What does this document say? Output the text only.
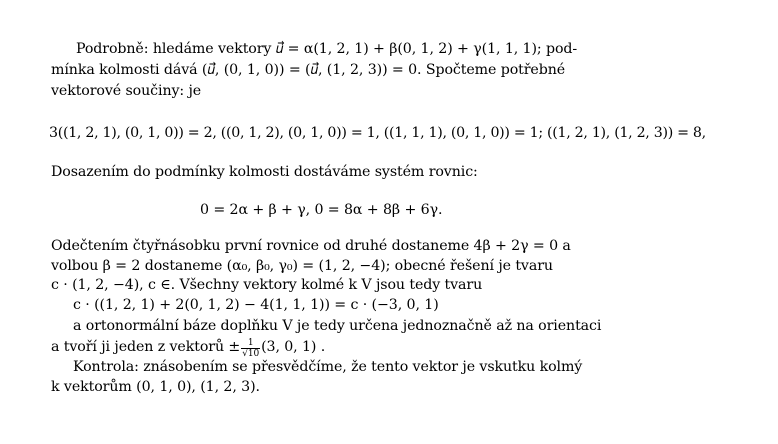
Podrobně: hledáme vektory 𝑢⃗ = α(1, 2, 1) + β(0, 1, 2) + γ(1, 1, 1); pod-
mínka kolmosti dává (𝑢⃗, (0, 1, 0)) = (𝑢⃗, (1, 2, 3)) = 0. Spočteme potřebné
vektorové součiny: je
3((1, 2, 1), (0, 1, 0)) = 2, ((0, 1, 2), (0, 1, 0)) = 1, ((1, 1, 1), (0, 1, 0)) = 1; ((1, 2, 1), (1, 2, 3)) = 8,
Dosazením do podmínky kolmosti dostáváme systém rovnic:
0 = 2α + β + γ, 0 = 8α + 8β + 6γ.
Odečtením čtyřnásobku první rovnice od druhé dostaneme 4β + 2γ = 0 a
volbou β = 2 dostaneme (α₀, β₀, γ₀) = (1, 2, −4); obecné řešení je tvaru
c · (1, 2, −4), c ∈. Všechny vektory kolmé k V jsou tedy tvaru
c · ((1, 2, 1) + 2(0, 1, 2) − 4(1, 1, 1)) = c · (−3, 0, 1)
a ortonormální báze doplňku V je tedy určena jednoznačně až na orientaci
a tvoří ji jeden z vektorů ± $\frac{1}{√10} (3$, 0, 1) .
Kontrola: znásobením se přesvědčíme, že tento vektor je vskutku kolmý
k vektorům (0, 1, 0), (1, 2, 3).
